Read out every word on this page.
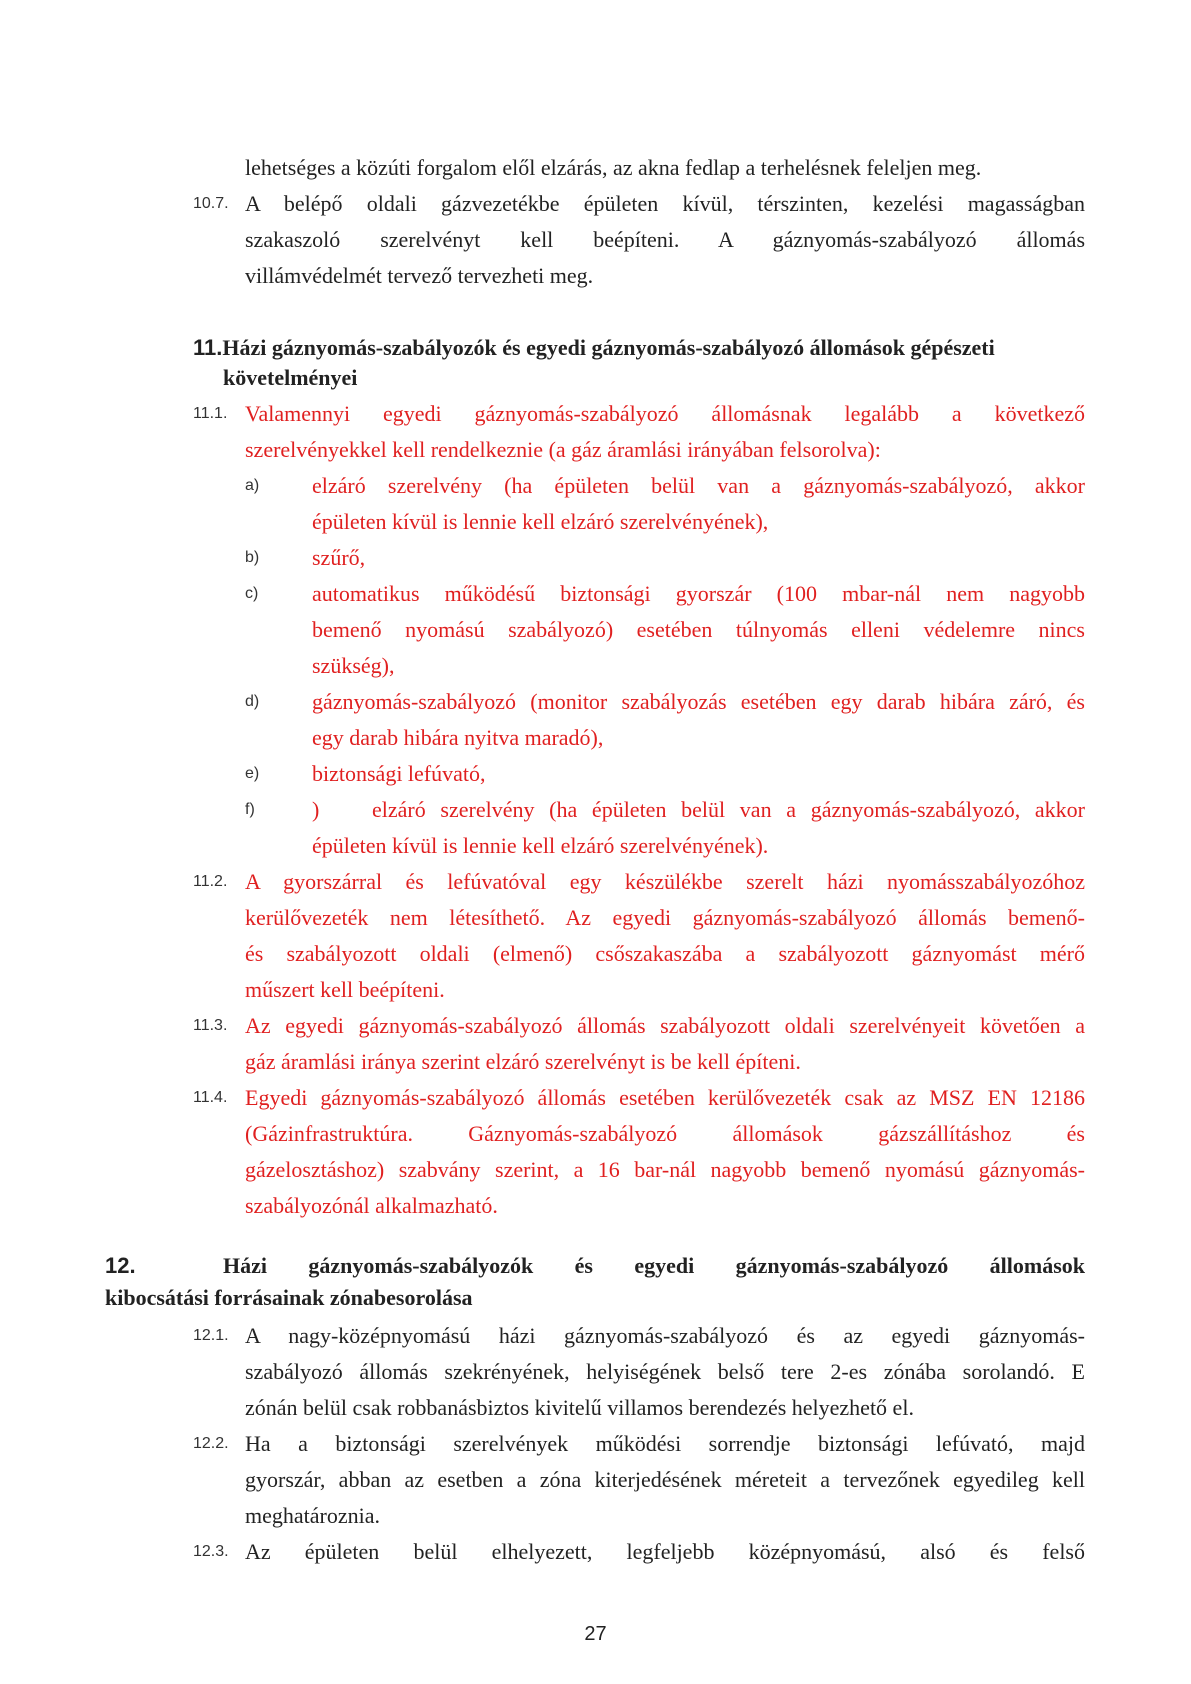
lehetséges a közúti forgalom elől elzárás, az akna fedlap a terhelésnek feleljen meg.
10.7. A belépő oldali gázvezetékbe épületen kívül, térszinten, kezelési magasságban
szakaszoló szerelvényt kell beépíteni. A gáznyomás-szabályozó állomás
villámvédelmét tervező tervezheti meg.
11.Házi gáznyomás-szabályozók és egyedi gáznyomás-szabályozó állomások gépészeti
követelményei
11.1. Valamennyi egyedi gáznyomás-szabályozó állomásnak legalább a következő
szerelvényekkel kell rendelkeznie (a gáz áramlási irányában felsorolva):
a) elzáró szerelvény (ha épületen belül van a gáznyomás-szabályozó, akkor
épületen kívül is lennie kell elzáró szerelvényének),
b) szűrő,
c) automatikus működésű biztonsági gyorszár (100 mbar-nál nem nagyobb
bemenő nyomású szabályozó) esetében túlnyomás elleni védelemre nincs
szükség),
d) gáznyomás-szabályozó (monitor szabályozás esetében egy darab hibára záró, és
egy darab hibára nyitva maradó),
e) biztonsági lefúvató,
f)	)	elzáró szerelvény (ha épületen belül van a gáznyomás-szabályozó, akkor
épületen kívül is lennie kell elzáró szerelvényének).
11.2. A gyorszárral és lefúvatóval egy készülékbe szerelt házi nyomásszabályozóhoz
kerülővezeték nem létesíthető. Az egyedi gáznyomás-szabályozó állomás bemenő-
és szabályozott oldali (elmenő) csőszakaszába a szabályozott gáznyomást mérő
műszert kell beépíteni.
11.3. Az egyedi gáznyomás-szabályozó állomás szabályozott oldali szerelvényeit követően a
gáz áramlási iránya szerint elzáró szerelvényt is be kell építeni.
11.4. Egyedi gáznyomás-szabályozó állomás esetében kerülővezeték csak az MSZ EN 12186
(Gázinfrastruktúra. Gáznyomás-szabályozó állomások gázszállításhoz és
gázelosztáshoz) szabvány szerint, a 16 bar-nál nagyobb bemenő nyomású gáznyomás-
szabályozónál alkalmazható.
12.	Házi gáznyomás-szabályozók és egyedi gáznyomás-szabályozó állomások
kibocsátási forrásainak zónabesorolása
12.1. A nagy-középnyomású házi gáznyomás-szabályozó és az egyedi gáznyomás-
szabályozó állomás szekrényének, helyiségének belső tere 2-es zónába sorolandó. E
zónán belül csak robbanásbiztos kivitelű villamos berendezés helyezhető el.
12.2. Ha a biztonsági szerelvények működési sorrendje biztonsági lefúvató, majd
gyorszár, abban az esetben a zóna kiterjedésének méreteit a tervezőnek egyedileg kell
meghatároznia.
12.3. Az épületen belül elhelyezett, legfeljebb középnyomású, alsó és felső
27
